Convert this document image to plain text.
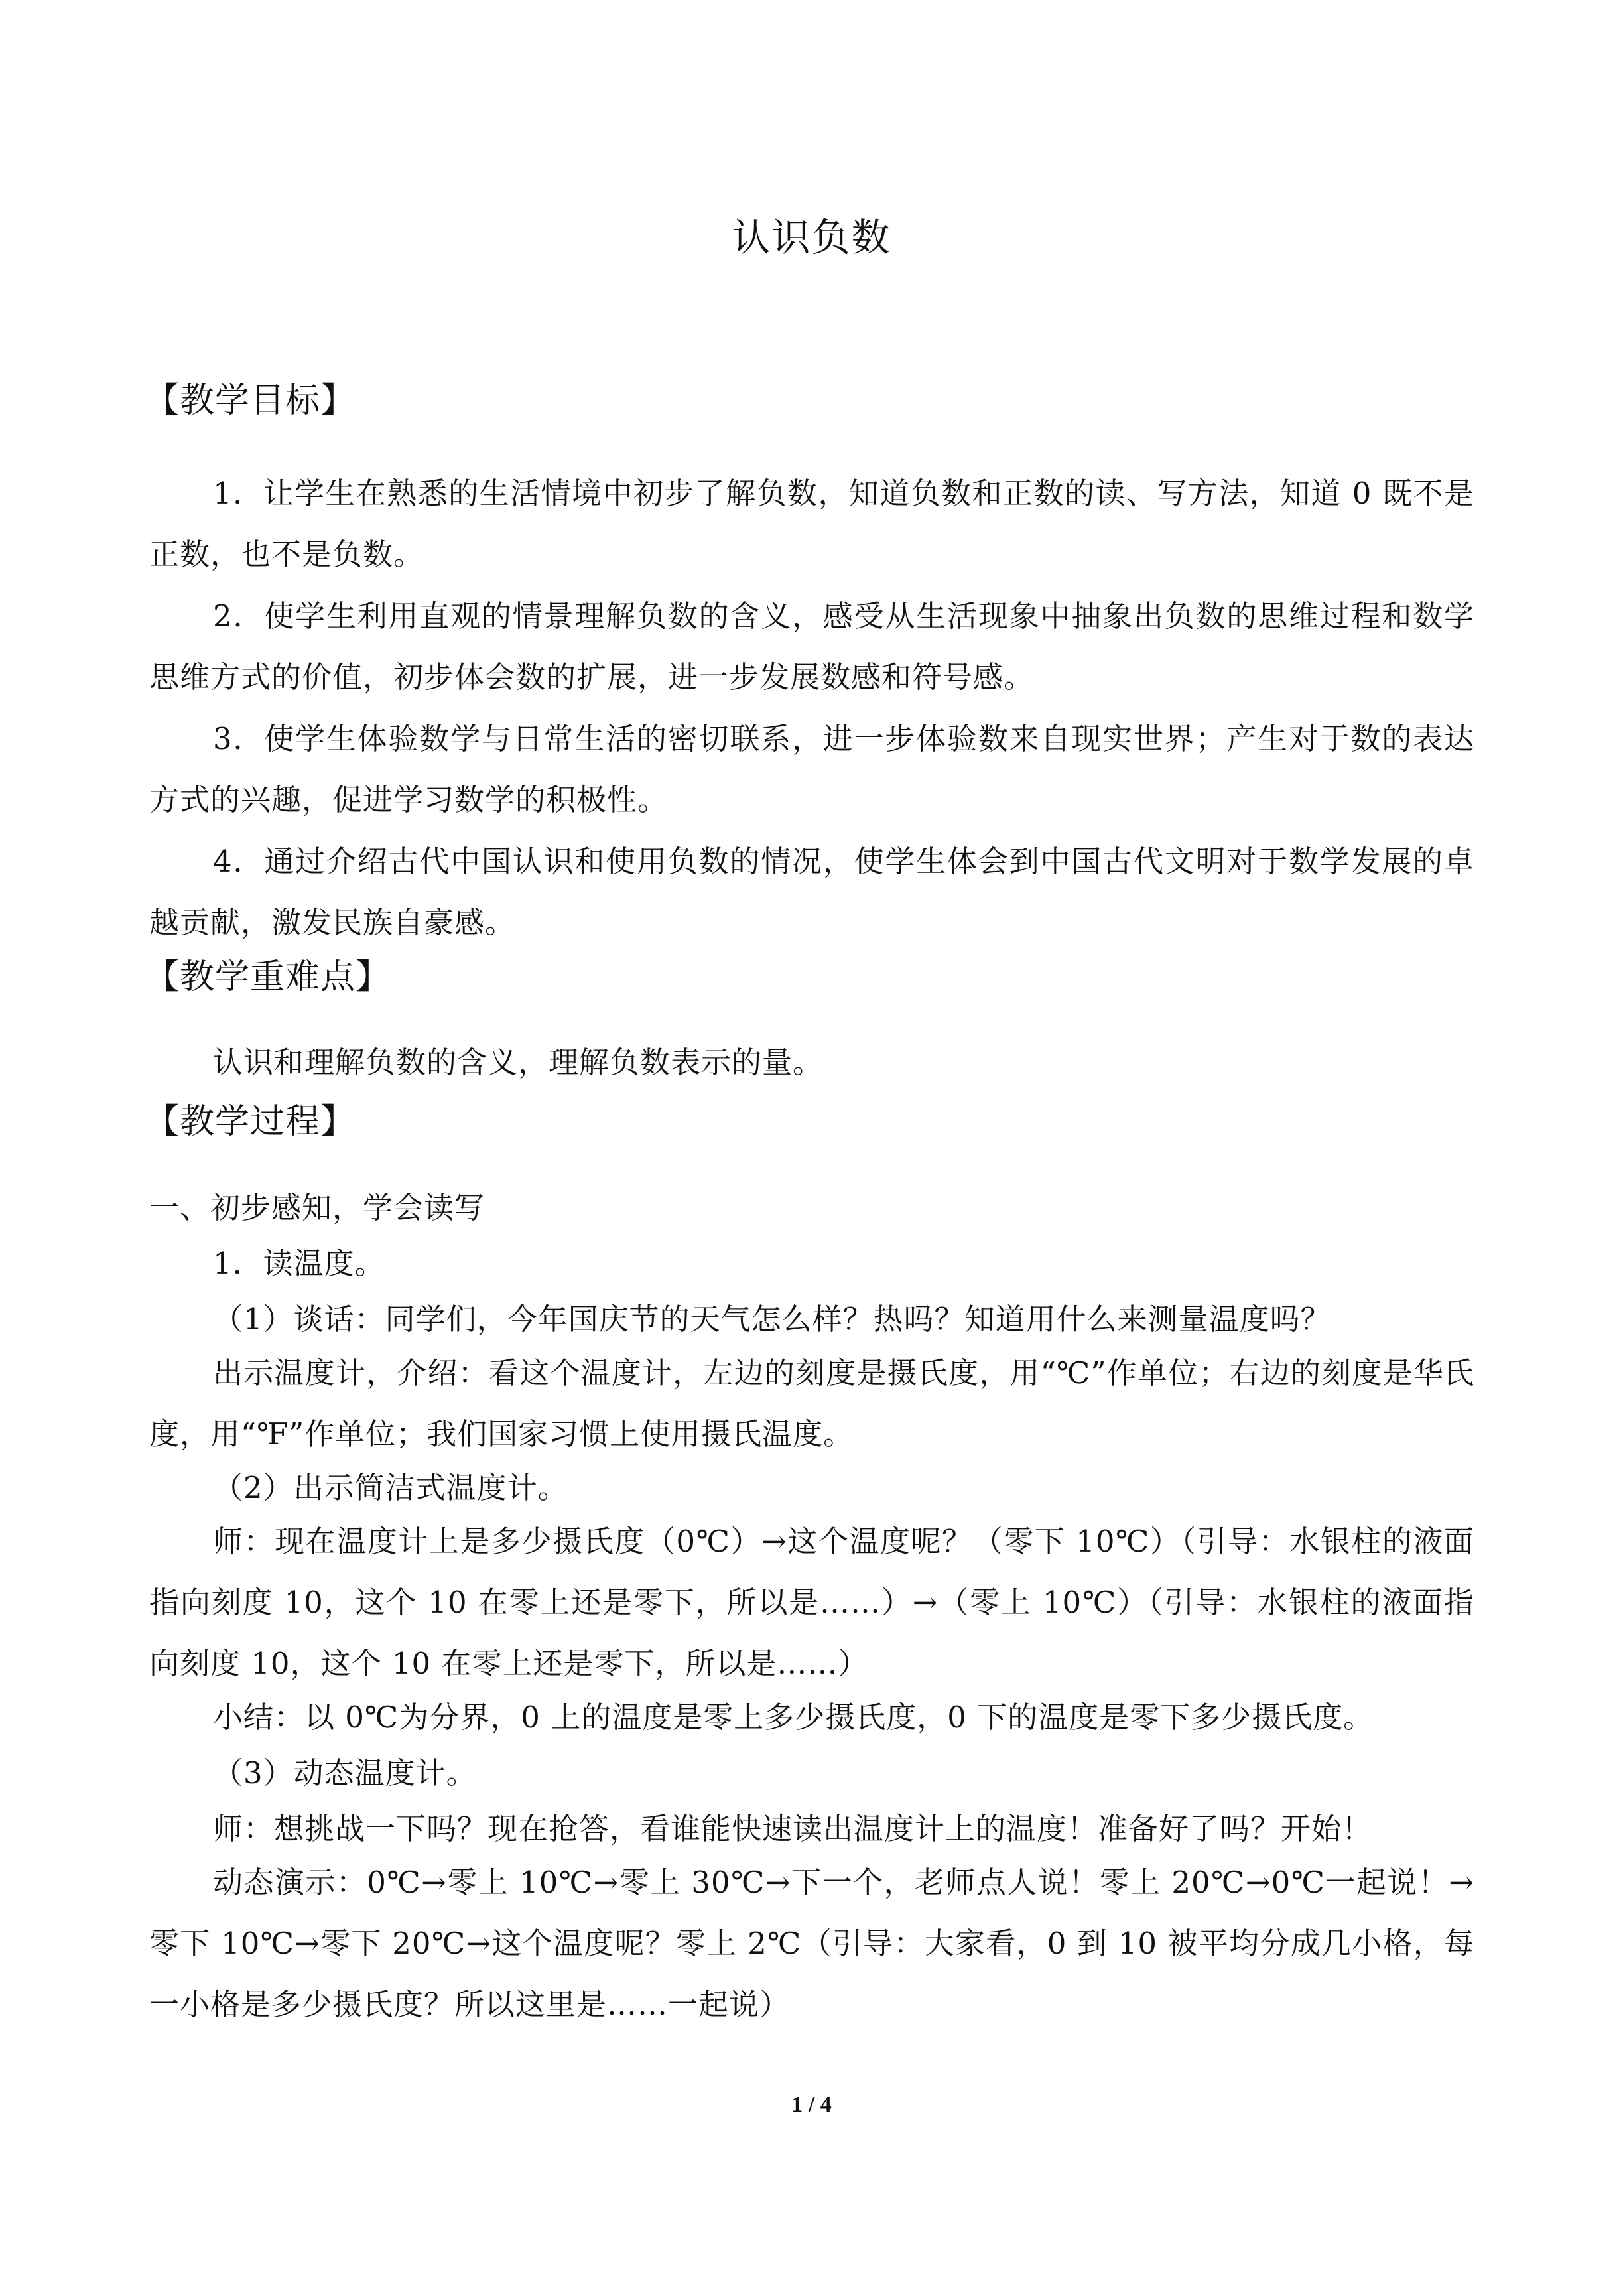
认识负数
【教学目标】

1．让学生在熟悉的生活情境中初步了解负数，知道负数和正数的读、写方法，知道 0 既不是正数，也不是负数。

2．使学生利用直观的情景理解负数的含义，感受从生活现象中抽象出负数的思维过程和数学思维方式的价值，初步体会数的扩展，进一步发展数感和符号感。

3．使学生体验数学与日常生活的密切联系，进一步体验数来自现实世界；产生对于数的表达方式的兴趣，促进学习数学的积极性。

4．通过介绍古代中国认识和使用负数的情况，使学生体会到中国古代文明对于数学发展的卓越贡献，激发民族自豪感。

【教学重难点】
认识和理解负数的含义，理解负数表示的量。
【教学过程】
一、初步感知，学会读写
1．读温度。
（1）谈话：同学们，今年国庆节的天气怎么样？热吗？知道用什么来测量温度吗？

出示温度计，介绍：看这个温度计，左边的刻度是摄氏度，用“℃”作单位；右边的刻度是华氏度，用“℉”作单位；我们国家习惯上使用摄氏温度。

（2）出示简洁式温度计。

师：现在温度计上是多少摄氏度（0℃）→这个温度呢？（零下 10℃）（引导：水银柱的液面指向刻度 10，这个 10 在零上还是零下，所以是……）→（零上 10℃）（引导：水银柱的液面指向刻度 10，这个 10 在零上还是零下，所以是……）

小结：以 0℃为分界，0 上的温度是零上多少摄氏度，0 下的温度是零下多少摄氏度。
（3）动态温度计。
师：想挑战一下吗？现在抢答，看谁能快速读出温度计上的温度！准备好了吗？开始！

动态演示：0℃→零上 10℃→零上 30℃→下一个，老师点人说！零上 20℃→0℃一起说！→零下 10℃→零下 20℃→这个温度呢？零上 2℃（引导：大家看，0 到 10 被平均分成几小格，每一小格是多少摄氏度？所以这里是……一起说）

1 / 4
